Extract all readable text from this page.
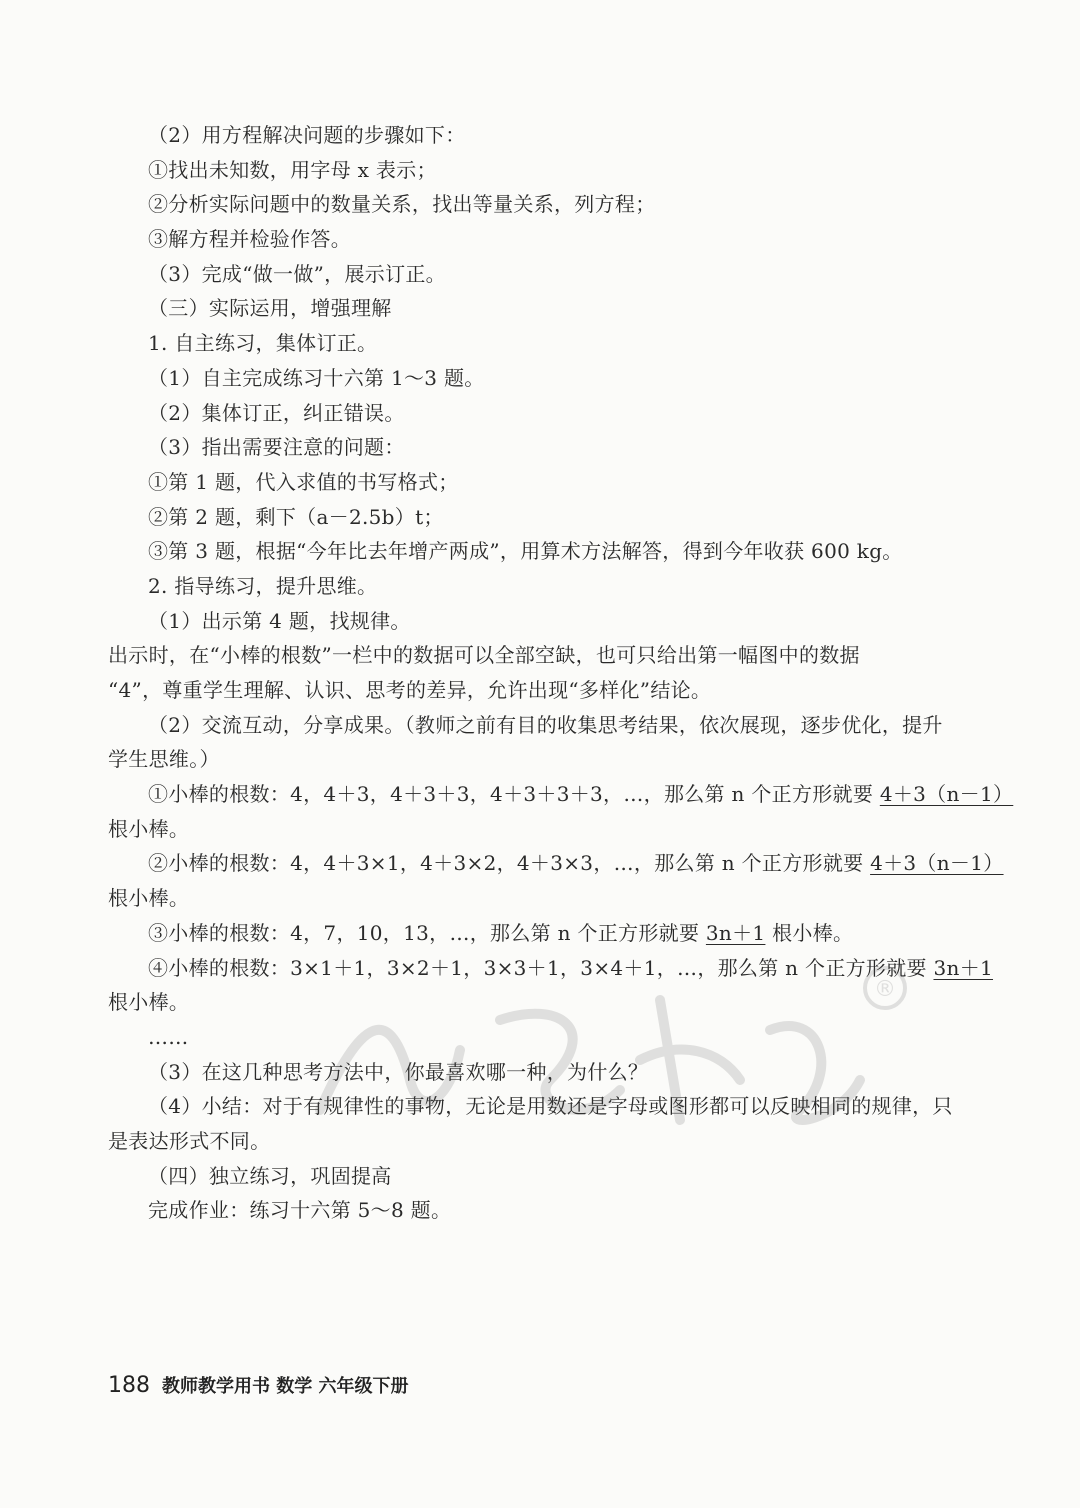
（2）用方程解决问题的步骤如下：
①找出未知数，用字母 x 表示；
②分析实际问题中的数量关系，找出等量关系，列方程；
③解方程并检验作答。
（3）完成“做一做”，展示订正。
（三）实际运用，增强理解
1. 自主练习，集体订正。
（1）自主完成练习十六第 1～3 题。
（2）集体订正，纠正错误。
（3）指出需要注意的问题：
①第 1 题，代入求值的书写格式；
②第 2 题，剩下（a－2.5b）t；
③第 3 题，根据“今年比去年增产两成”，用算术方法解答，得到今年收获 600 kg。
2. 指导练习，提升思维。
（1）出示第 4 题，找规律。
出示时，在“小棒的根数”一栏中的数据可以全部空缺，也可只给出第一幅图中的数据
“4”，尊重学生理解、认识、思考的差异，允许出现“多样化”结论。
（2）交流互动，分享成果。（教师之前有目的收集思考结果，依次展现，逐步优化，提升
学生思维。）
①小棒的根数：4，4＋3，4＋3＋3，4＋3＋3＋3，…，那么第 n 个正方形就要 4＋3（n－1）
根小棒。
②小棒的根数：4，4＋3×1，4＋3×2，4＋3×3，…，那么第 n 个正方形就要 4＋3（n－1）
根小棒。
③小棒的根数：4，7，10，13，…，那么第 n 个正方形就要 3n＋1 根小棒。
④小棒的根数：3×1＋1，3×2＋1，3×3＋1，3×4＋1，…，那么第 n 个正方形就要 3n＋1
根小棒。
……
（3）在这几种思考方法中，你最喜欢哪一种，为什么？
（4）小结：对于有规律性的事物，无论是用数还是字母或图形都可以反映相同的规律，只
是表达形式不同。
（四）独立练习，巩固提高
完成作业：练习十六第 5～8 题。
®
188 教师教学用书 数学 六年级下册
